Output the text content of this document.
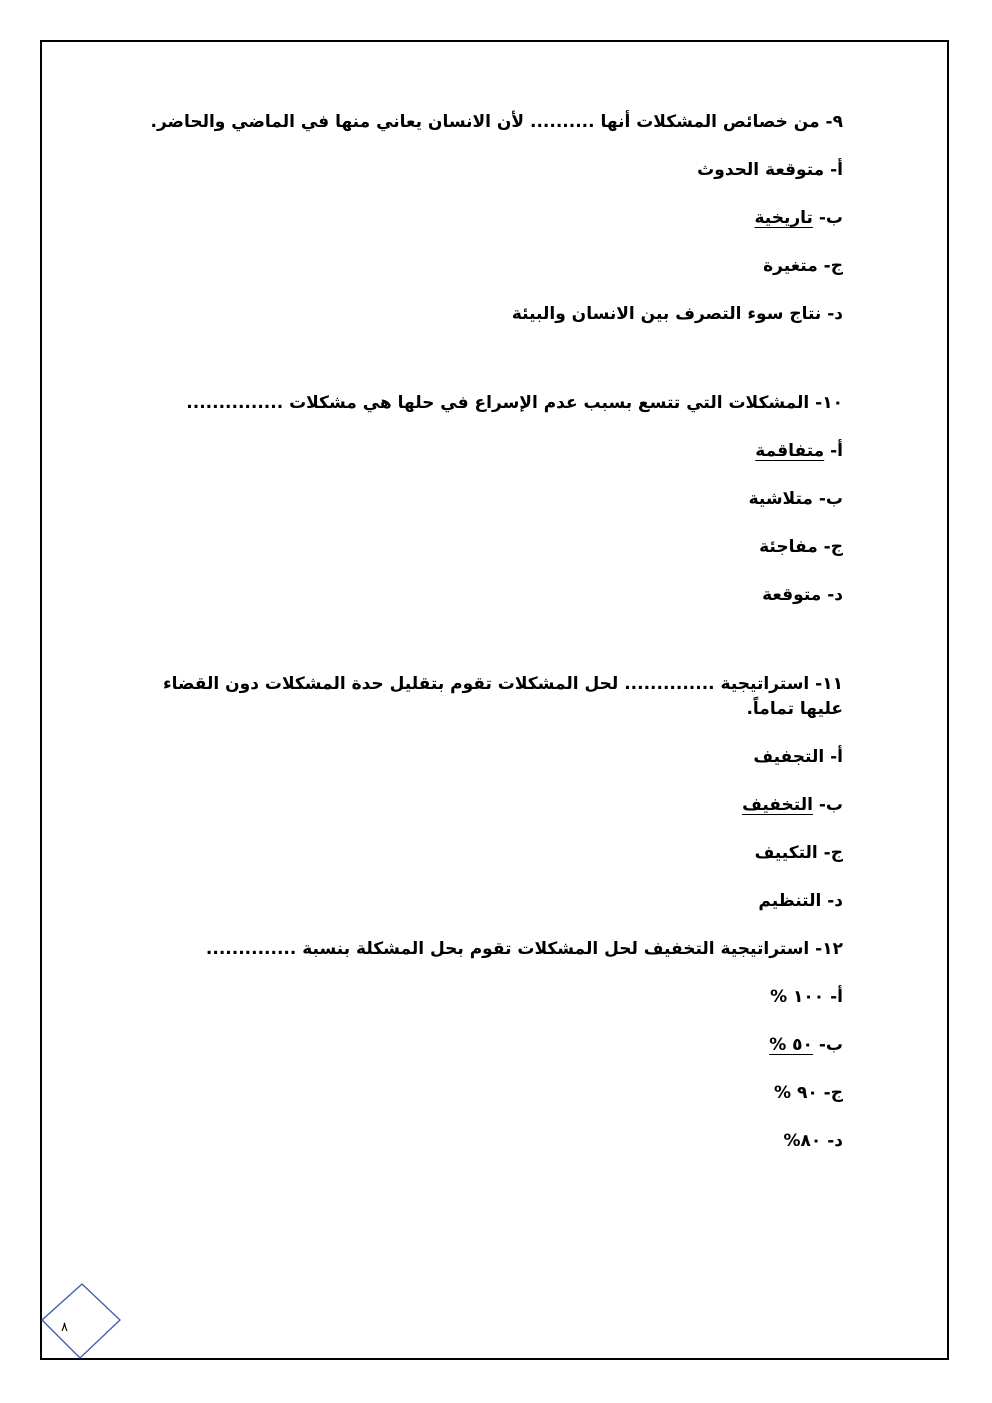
٩- من خصائص المشكلات أنها .......... لأن الانسان يعاني منها في الماضي والحاضر.

أ- متوقعة الحدوث
ب- تاريخية
ج- متغيرة
د- نتاج سوء التصرف بين الانسان والبيئة

١٠- المشكلات التي تتسع بسبب عدم الإسراع في حلها هي مشكلات ...............

أ- متفاقمة
ب- متلاشية
ج- مفاجئة
د- متوقعة

١١- استراتيجية .............. لحل المشكلات تقوم بتقليل حدة المشكلات دون القضاء عليها تماماً.

أ- التجفيف
ب- التخفيف
ج- التكييف
د- التنظيم

١٢- استراتيجية التخفيف لحل المشكلات تقوم بحل المشكلة بنسبة ..............

أ- ١٠٠ %
ب- ٥٠ %
ج- ٩٠ %
د- ٨٠%
٨
